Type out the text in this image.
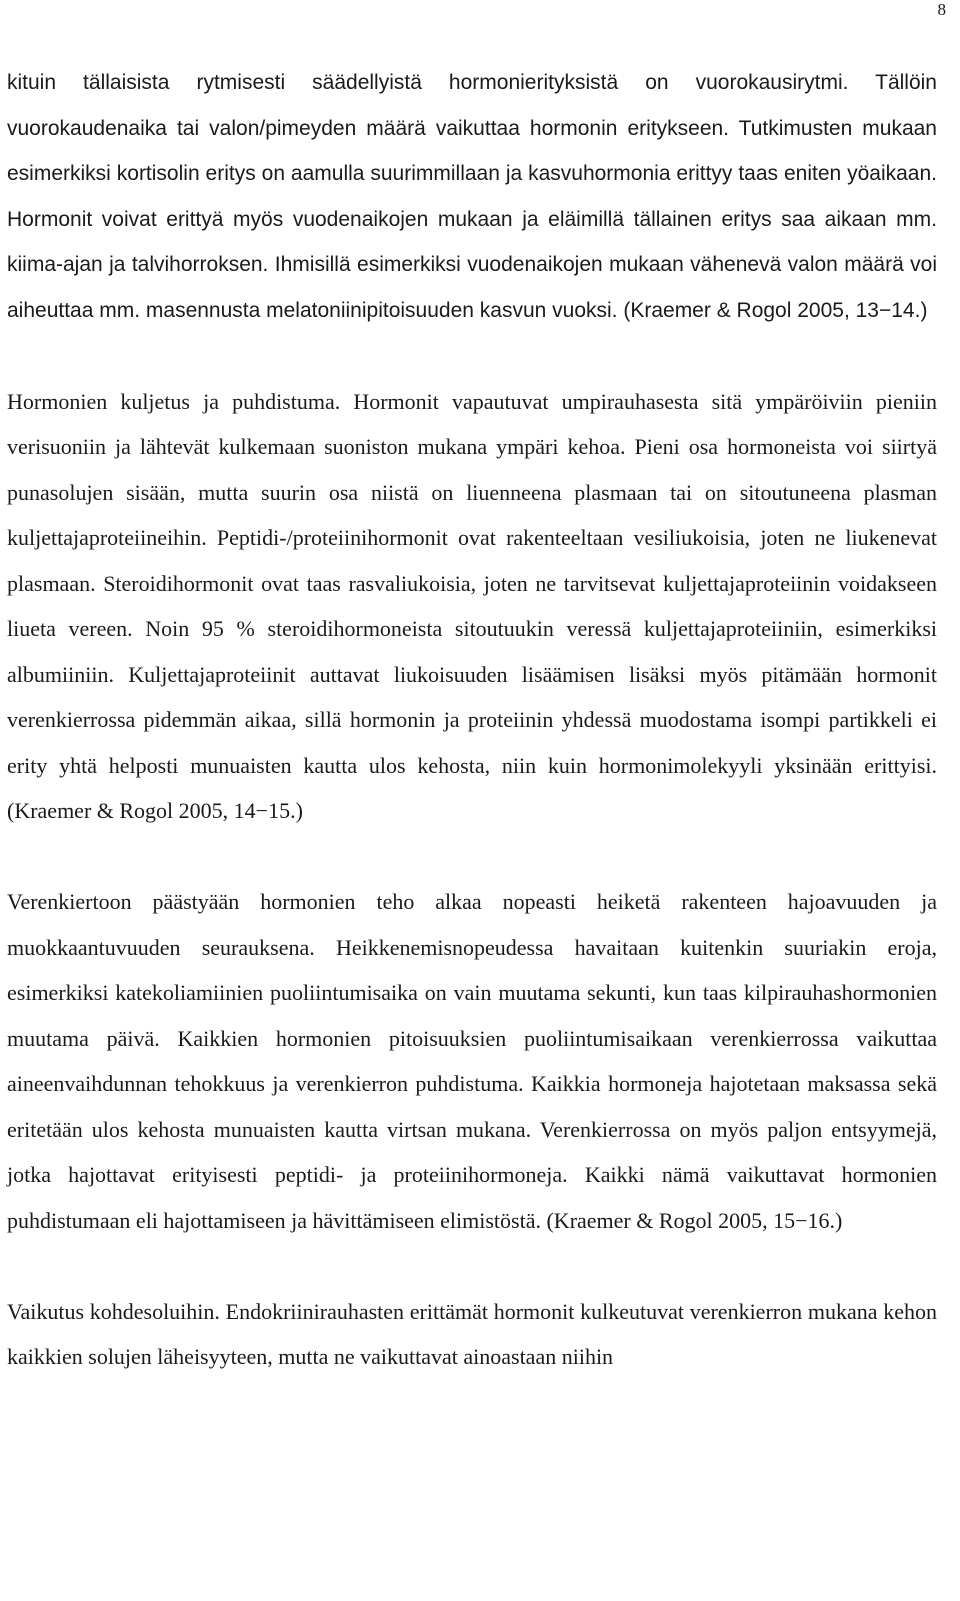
8

kituin tällaisista rytmisesti säädellyistä hormonierityksistä on vuorokausirytmi. Tällöin vuorokaudenaika tai valon/pimeyden määrä vaikuttaa hormonin eritykseen. Tutkimusten mukaan esimerkiksi kortisolin eritys on aamulla suurimmillaan ja kasvuhormonia erittyy taas eniten yöaikaan. Hormonit voivat erittyä myös vuodenaikojen mukaan ja eläimillä tällainen eritys saa aikaan mm. kiima-ajan ja talvihorroksen. Ihmisillä esimerkiksi vuodenaikojen mukaan vähenevä valon määrä voi aiheuttaa mm. masennusta melatoniinipitoisuuden kasvun vuoksi. (Kraemer & Rogol 2005, 13−14.)

Hormonien kuljetus ja puhdistuma. Hormonit vapautuvat umpirauhasesta sitä ympäröiviin pieniin verisuoniin ja lähtevät kulkemaan suoniston mukana ympäri kehoa. Pieni osa hormoneista voi siirtyä punasolujen sisään, mutta suurin osa niistä on liuenneena plasmaan tai on sitoutuneena plasman kuljettajaproteiineihin. Peptidi-/proteiinihormonit ovat rakenteeltaan vesiliukoisia, joten ne liukenevat plasmaan. Steroidihormonit ovat taas rasvaliukoisia, joten ne tarvitsevat kuljettajaproteiinin voidakseen liueta vereen. Noin 95 % steroidihormoneista sitoutuukin veressä kuljettajaproteiiniin, esimerkiksi albumiiniin. Kuljettajaproteiinit auttavat liukoisuuden lisäämisen lisäksi myös pitämään hormonit verenkierrossa pidemmän aikaa, sillä hormonin ja proteiinin yhdessä muodostama isompi partikkeli ei erity yhtä helposti munuaisten kautta ulos kehosta, niin kuin hormonimolekyyli yksinään erittyisi. (Kraemer & Rogol 2005, 14−15.)

Verenkiertoon päästyään hormonien teho alkaa nopeasti heiketä rakenteen hajoavuuden ja muokkaantuvuuden seurauksena. Heikkenemisnopeudessa havaitaan kuitenkin suuriakin eroja, esimerkiksi katekoliamiinien puoliintumisaika on vain muutama sekunti, kun taas kilpirauhashormonien muutama päivä. Kaikkien hormonien pitoisuuksien puoliintumisaikaan verenkierrossa vaikuttaa aineenvaihdunnan tehokkuus ja verenkierron puhdistuma. Kaikkia hormoneja hajotetaan maksassa sekä eritetään ulos kehosta munuaisten kautta virtsan mukana. Verenkierrossa on myös paljon entsyymejä, jotka hajottavat erityisesti peptidi- ja proteiinihormoneja. Kaikki nämä vaikuttavat hormonien puhdistumaan eli hajottamiseen ja hävittämiseen elimistöstä. (Kraemer & Rogol 2005, 15−16.)

Vaikutus kohdesoluihin. Endokriinirauhasten erittämät hormonit kulkeutuvat verenkierron mukana kehon kaikkien solujen läheisyyteen, mutta ne vaikuttavat ainoastaan niihin
